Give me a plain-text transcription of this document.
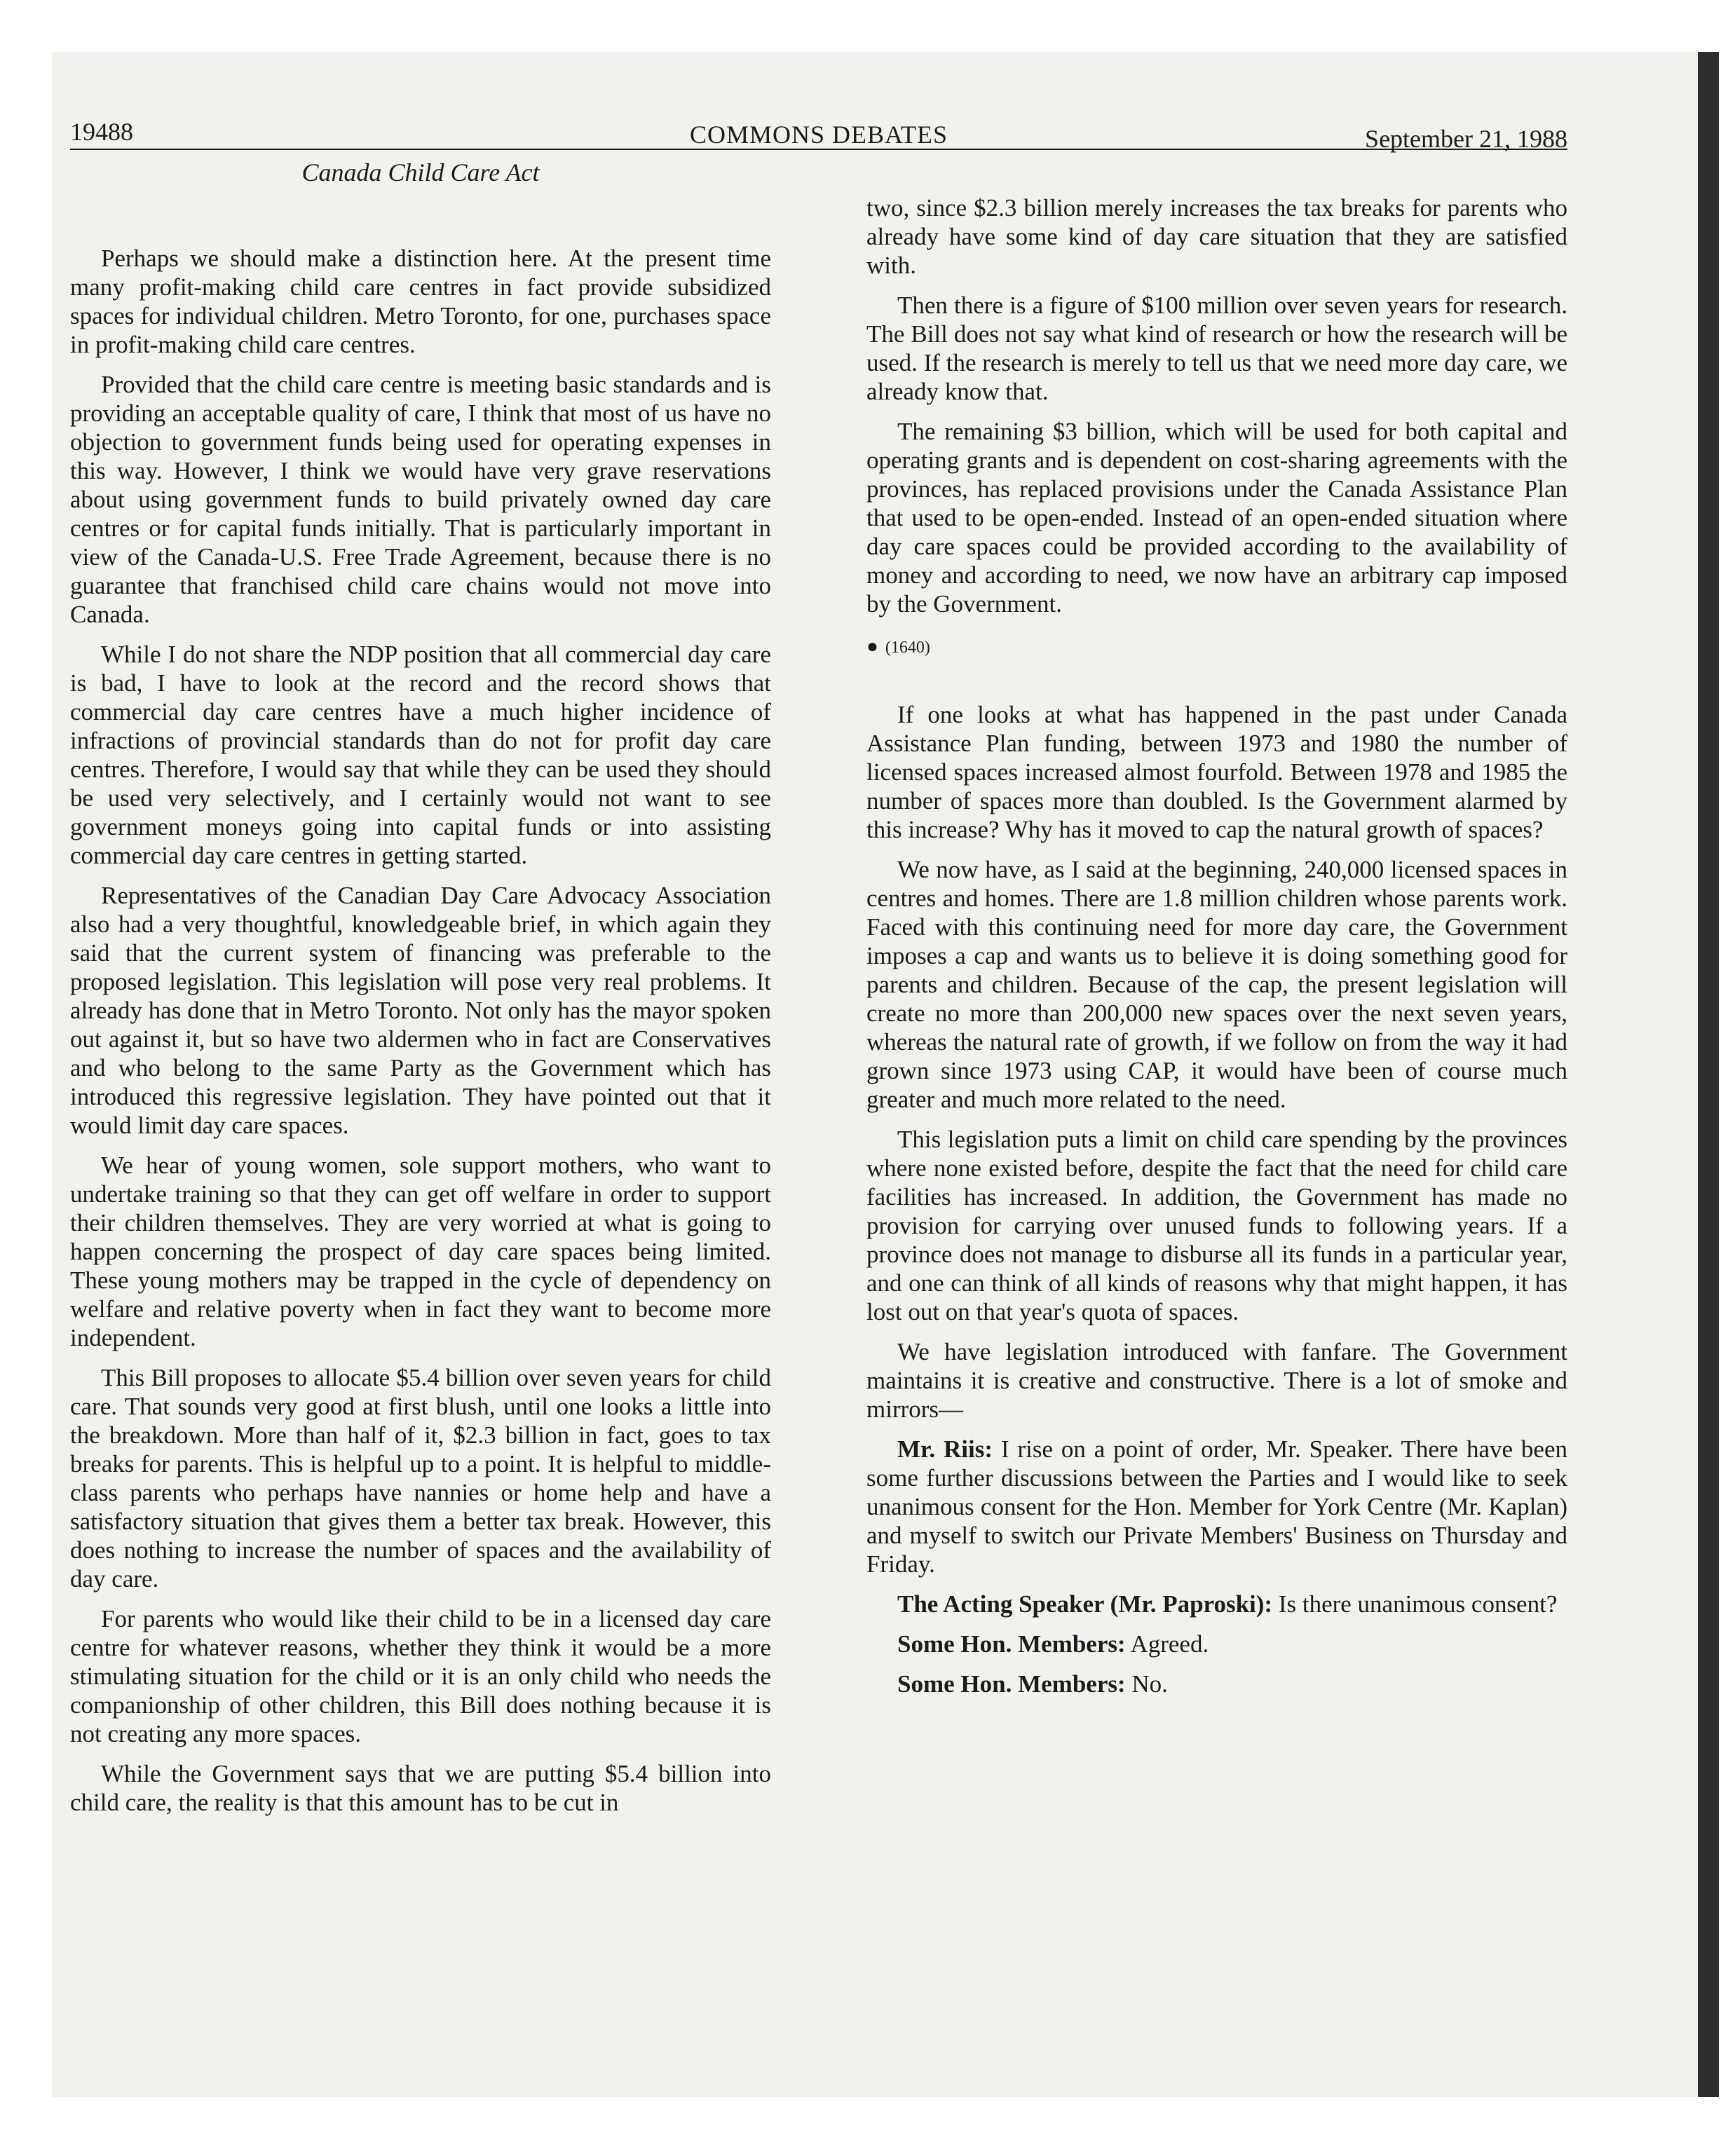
19488	COMMONS DEBATES	September 21, 1988
Canada Child Care Act

Perhaps we should make a distinction here. At the present time many profit-making child care centres in fact provide subsidized spaces for individual children. Metro Toronto, for one, purchases space in profit-making child care centres.

Provided that the child care centre is meeting basic standards and is providing an acceptable quality of care, I think that most of us have no objection to government funds being used for operating expenses in this way. However, I think we would have very grave reservations about using government funds to build privately owned day care centres or for capital funds initially. That is particularly important in view of the Canada-U.S. Free Trade Agreement, because there is no guarantee that franchised child care chains would not move into Canada.

While I do not share the NDP position that all commercial day care is bad, I have to look at the record and the record shows that commercial day care centres have a much higher incidence of infractions of provincial standards than do not for profit day care centres. Therefore, I would say that while they can be used they should be used very selectively, and I certainly would not want to see government moneys going into capital funds or into assisting commercial day care centres in getting started.

Representatives of the Canadian Day Care Advocacy Association also had a very thoughtful, knowledgeable brief, in which again they said that the current system of financing was preferable to the proposed legislation. This legislation will pose very real problems. It already has done that in Metro Toronto. Not only has the mayor spoken out against it, but so have two aldermen who in fact are Conservatives and who belong to the same Party as the Government which has introduced this regressive legislation. They have pointed out that it would limit day care spaces.

We hear of young women, sole support mothers, who want to undertake training so that they can get off welfare in order to support their children themselves. They are very worried at what is going to happen concerning the prospect of day care spaces being limited. These young mothers may be trapped in the cycle of dependency on welfare and relative poverty when in fact they want to become more independent.

This Bill proposes to allocate $5.4 billion over seven years for child care. That sounds very good at first blush, until one looks a little into the breakdown. More than half of it, $2.3 billion in fact, goes to tax breaks for parents. This is helpful up to a point. It is helpful to middle-class parents who perhaps have nannies or home help and have a satisfactory situation that gives them a better tax break. However, this does nothing to increase the number of spaces and the availability of day care.

For parents who would like their child to be in a licensed day care centre for whatever reasons, whether they think it would be a more stimulating situation for the child or it is an only child who needs the companionship of other children, this Bill does nothing because it is not creating any more spaces.

While the Government says that we are putting $5.4 billion into child care, the reality is that this amount has to be cut in

two, since $2.3 billion merely increases the tax breaks for parents who already have some kind of day care situation that they are satisfied with.

Then there is a figure of $100 million over seven years for research. The Bill does not say what kind of research or how the research will be used. If the research is merely to tell us that we need more day care, we already know that.

The remaining $3 billion, which will be used for both capital and operating grants and is dependent on cost-sharing agreements with the provinces, has replaced provisions under the Canada Assistance Plan that used to be open-ended. Instead of an open-ended situation where day care spaces could be provided according to the availability of money and according to need, we now have an arbitrary cap imposed by the Government.

● (1640)

If one looks at what has happened in the past under Canada Assistance Plan funding, between 1973 and 1980 the number of licensed spaces increased almost fourfold. Between 1978 and 1985 the number of spaces more than doubled. Is the Government alarmed by this increase? Why has it moved to cap the natural growth of spaces?

We now have, as I said at the beginning, 240,000 licensed spaces in centres and homes. There are 1.8 million children whose parents work. Faced with this continuing need for more day care, the Government imposes a cap and wants us to believe it is doing something good for parents and children. Because of the cap, the present legislation will create no more than 200,000 new spaces over the next seven years, whereas the natural rate of growth, if we follow on from the way it had grown since 1973 using CAP, it would have been of course much greater and much more related to the need.

This legislation puts a limit on child care spending by the provinces where none existed before, despite the fact that the need for child care facilities has increased. In addition, the Government has made no provision for carrying over unused funds to following years. If a province does not manage to disburse all its funds in a particular year, and one can think of all kinds of reasons why that might happen, it has lost out on that year's quota of spaces.

We have legislation introduced with fanfare. The Government maintains it is creative and constructive. There is a lot of smoke and mirrors—

Mr. Riis: I rise on a point of order, Mr. Speaker. There have been some further discussions between the Parties and I would like to seek unanimous consent for the Hon. Member for York Centre (Mr. Kaplan) and myself to switch our Private Members' Business on Thursday and Friday.

The Acting Speaker (Mr. Paproski): Is there unanimous consent?

Some Hon. Members: Agreed.

Some Hon. Members: No.
